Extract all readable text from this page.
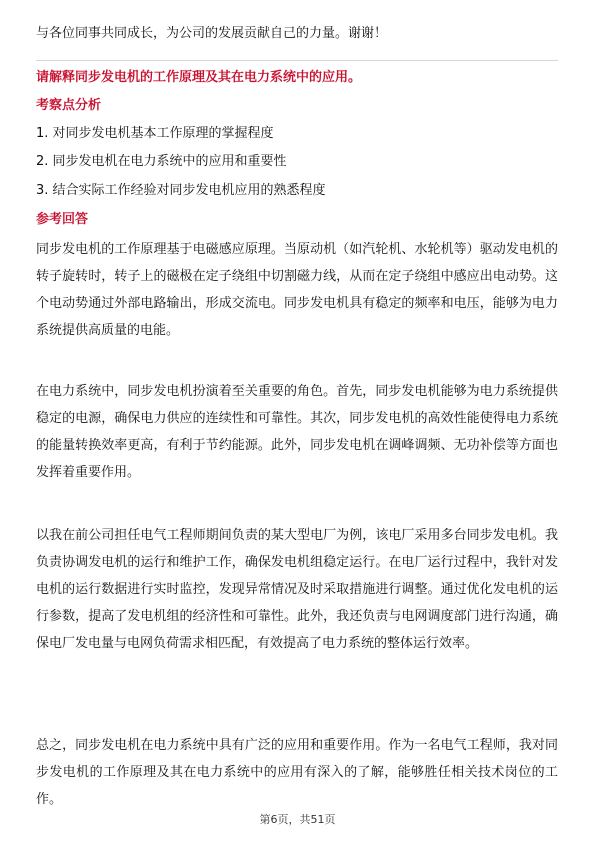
与各位同事共同成长，为公司的发展贡献自己的力量。谢谢！
请解释同步发电机的工作原理及其在电力系统中的应用。
考察点分析
1. 对同步发电机基本工作原理的掌握程度
2. 同步发电机在电力系统中的应用和重要性
3. 结合实际工作经验对同步发电机应用的熟悉程度
参考回答
同步发电机的工作原理基于电磁感应原理。当原动机（如汽轮机、水轮机等）驱动发电机的转子旋转时，转子上的磁极在定子绕组中切割磁力线，从而在定子绕组中感应出电动势。这个电动势通过外部电路输出，形成交流电。同步发电机具有稳定的频率和电压，能够为电力系统提供高质量的电能。
在电力系统中，同步发电机扮演着至关重要的角色。首先，同步发电机能够为电力系统提供稳定的电源，确保电力供应的连续性和可靠性。其次，同步发电机的高效性能使得电力系统的能量转换效率更高，有利于节约能源。此外，同步发电机在调峰调频、无功补偿等方面也发挥着重要作用。
以我在前公司担任电气工程师期间负责的某大型电厂为例，该电厂采用多台同步发电机。我负责协调发电机的运行和维护工作，确保发电机组稳定运行。在电厂运行过程中，我针对发电机的运行数据进行实时监控，发现异常情况及时采取措施进行调整。通过优化发电机的运行参数，提高了发电机组的经济性和可靠性。此外，我还负责与电网调度部门进行沟通，确保电厂发电量与电网负荷需求相匹配，有效提高了电力系统的整体运行效率。
总之，同步发电机在电力系统中具有广泛的应用和重要作用。作为一名电气工程师，我对同步发电机的工作原理及其在电力系统中的应用有深入的了解，能够胜任相关技术岗位的工作。
第6页，共51页
